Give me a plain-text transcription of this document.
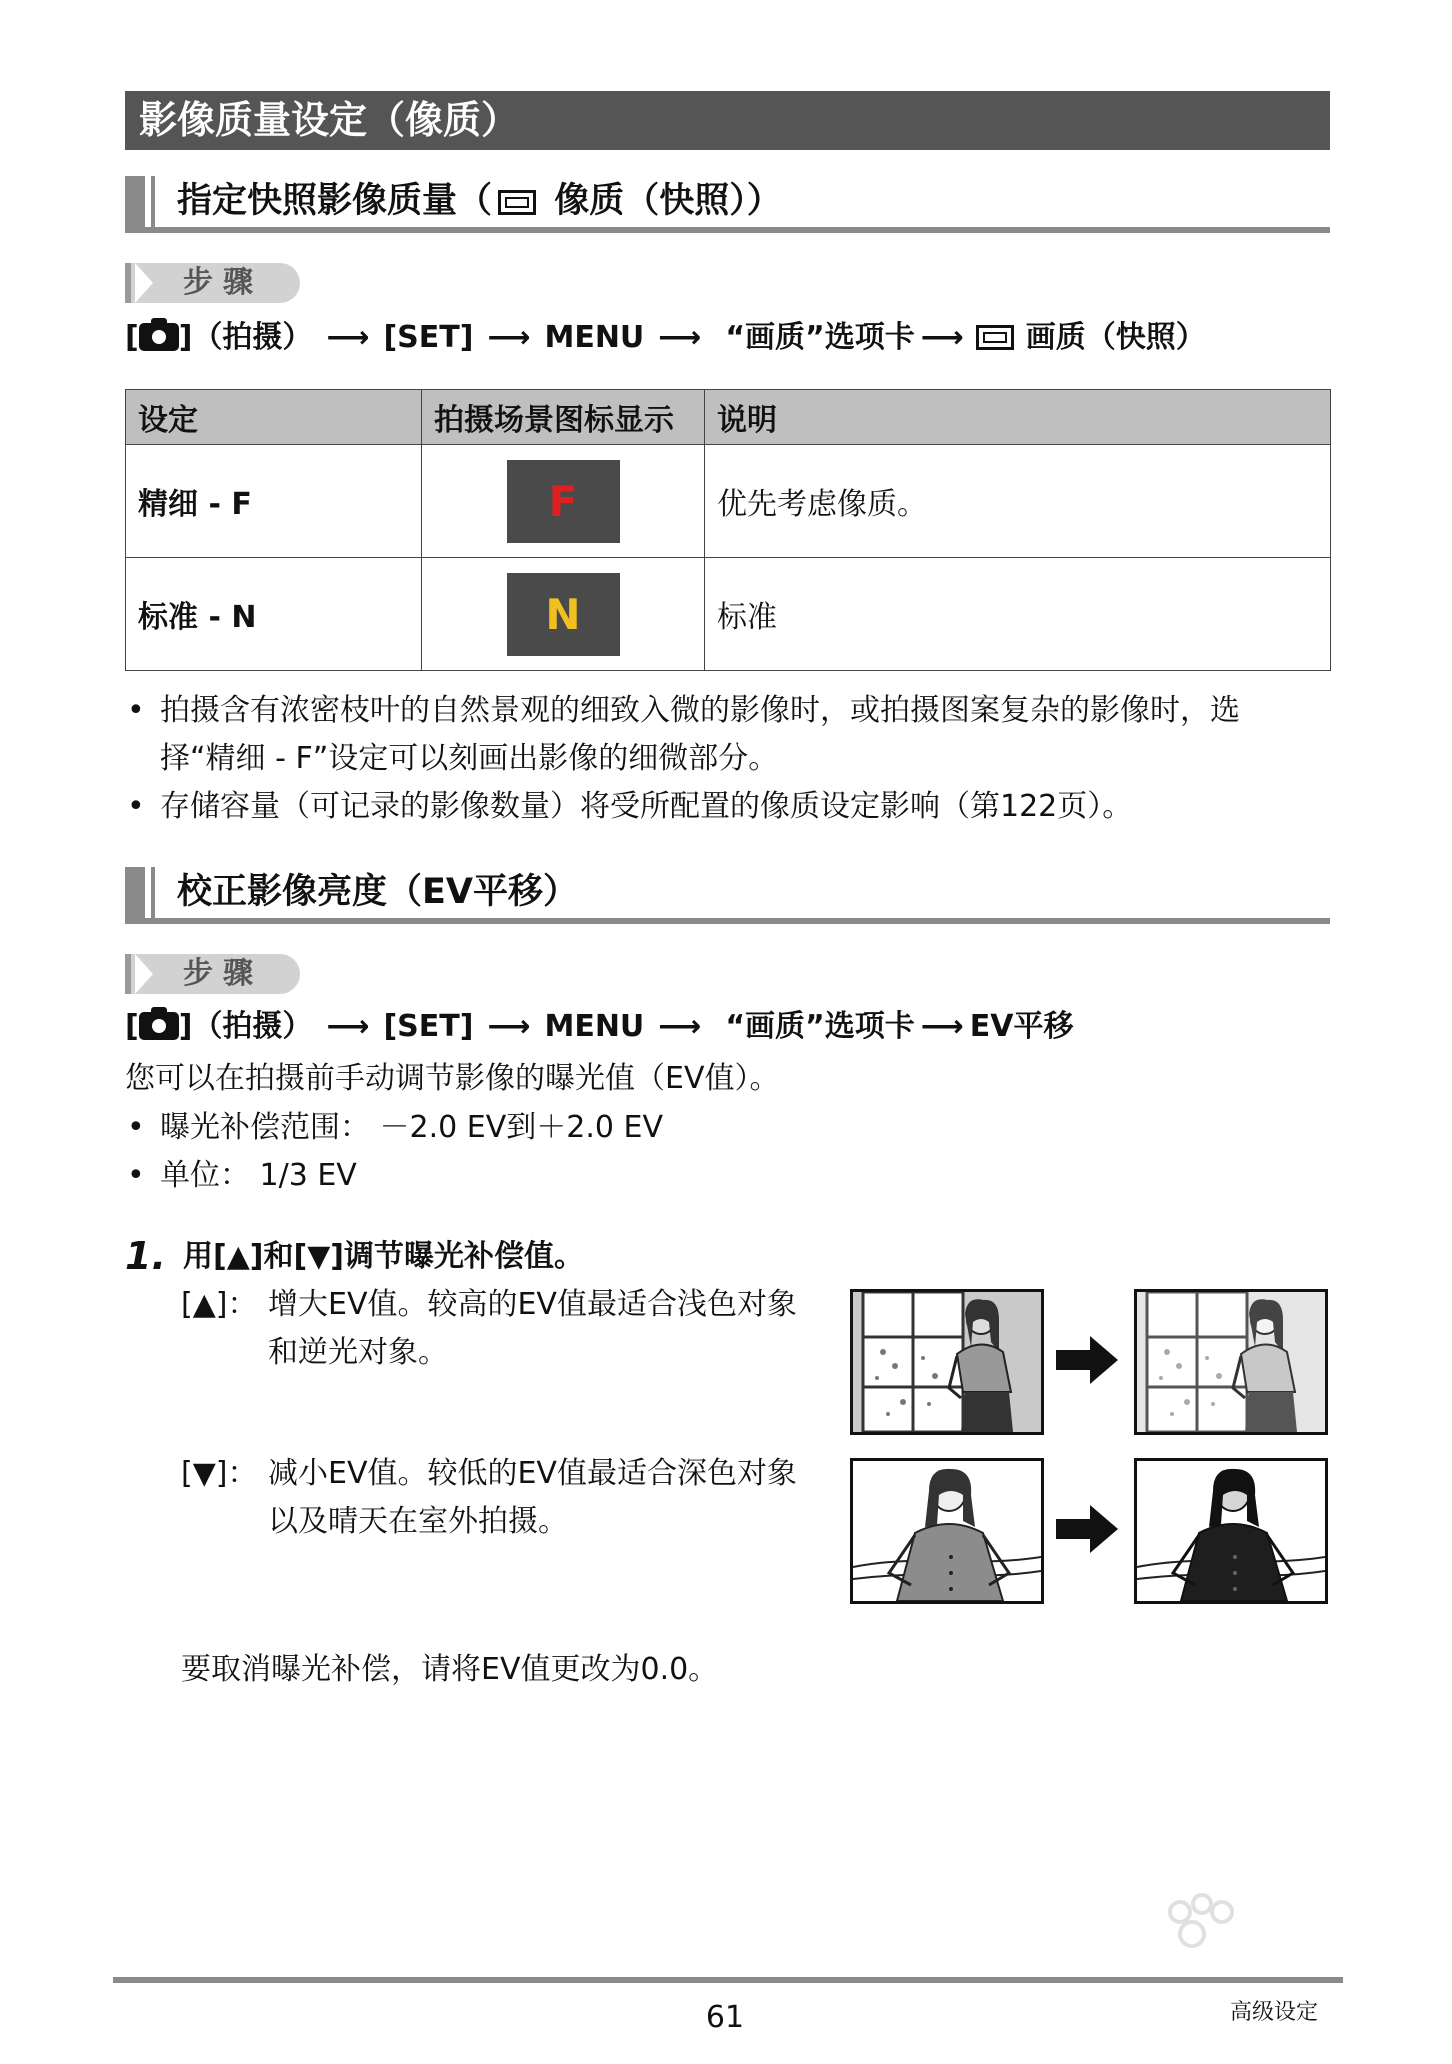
影像质量设定（像质）
指定快照影像质量（ 像质（快照））
步骤
[ ]（拍摄） ⟶ [SET] ⟶ MENU ⟶ “画质”选项卡 ⟶ 画质（快照）
设定	拍摄场景图标显示	说明
精细 - F	F	优先考虑像质。
标准 - N	N	标准
• 拍摄含有浓密枝叶的自然景观的细致入微的影像时，或拍摄图案复杂的影像时，选
择“精细 - F”设定可以刻画出影像的细微部分。
• 存储容量（可记录的影像数量）将受所配置的像质设定影响（第122页）。
校正影像亮度（EV平移）
步骤
[ ]（拍摄） ⟶ [SET] ⟶ MENU ⟶ “画质”选项卡 ⟶ EV平移
您可以在拍摄前手动调节影像的曝光值（EV值）。
• 曝光补偿范围： －2.0 EV到＋2.0 EV
• 单位： 1/3 EV
1. 用[▲]和[▼]调节曝光补偿值。
[▲]： 增大EV值。较高的EV值最适合浅色对象
和逆光对象。
[▼]： 减小EV值。较低的EV值最适合深色对象
以及晴天在室外拍摄。
要取消曝光补偿，请将EV值更改为0.0。
61	高级设定
